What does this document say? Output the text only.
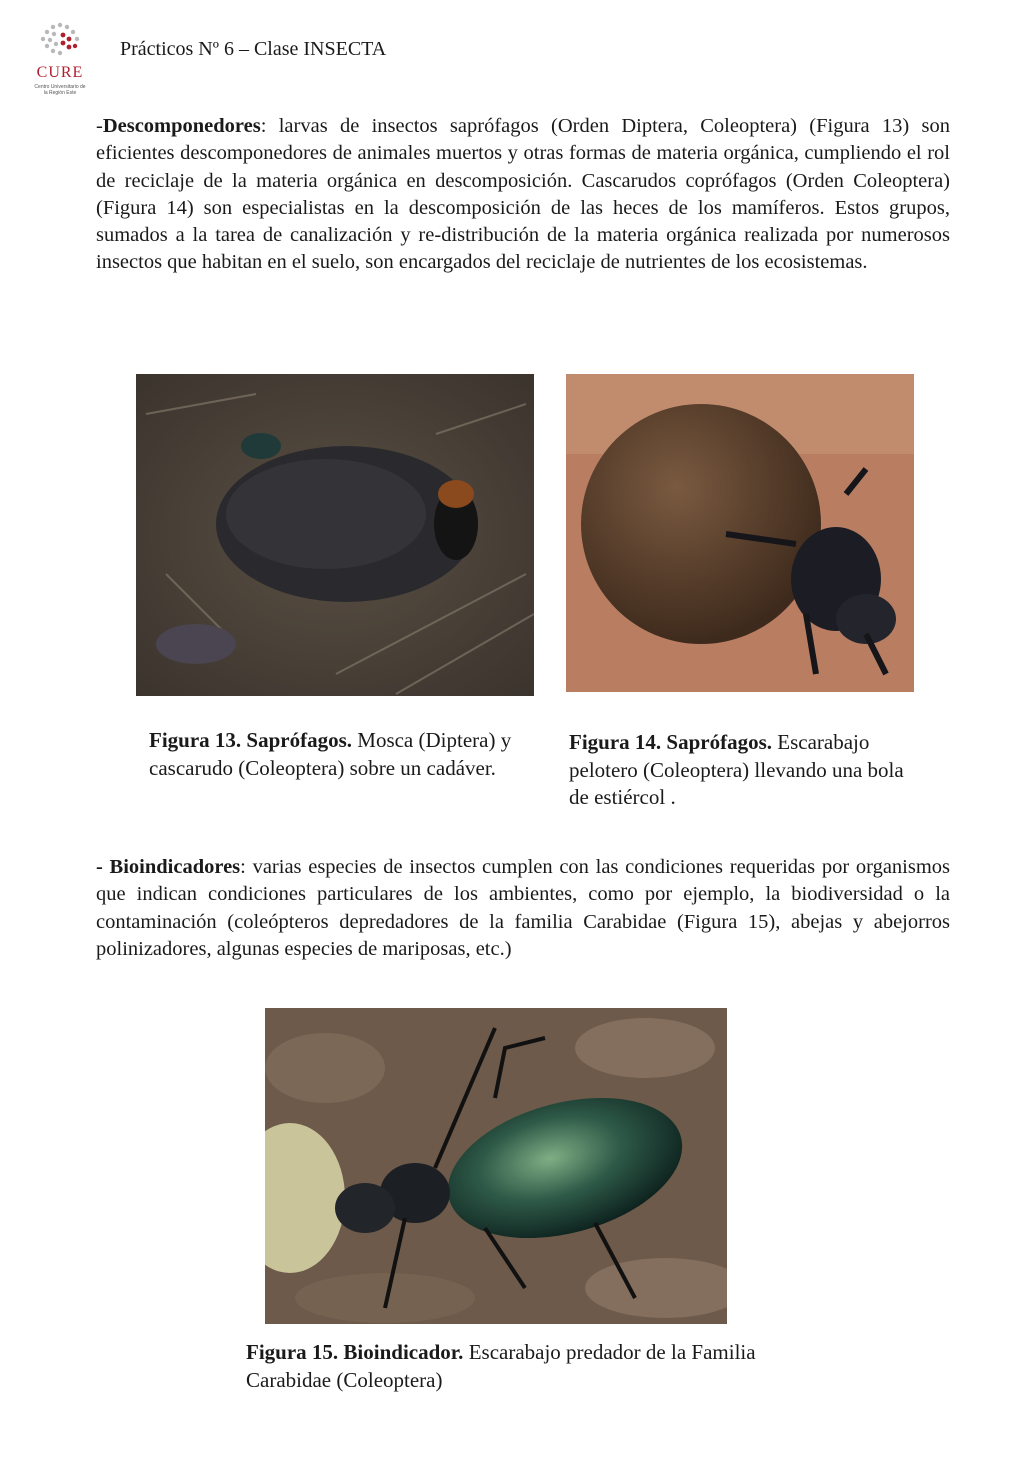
CURE
Centro Universitario de la Región Este
Prácticos Nº 6 – Clase INSECTA
-Descomponedores: larvas de insectos saprófagos (Orden Diptera, Coleoptera) (Figura 13) son eficientes descomponedores de animales muertos y otras formas de materia orgánica, cumpliendo el rol de reciclaje de la materia orgánica en descomposición. Cascarudos coprófagos (Orden Coleoptera) (Figura 14) son especialistas en la descomposición de las heces de los mamíferos. Estos grupos, sumados a la tarea de canalización y re-distribución de la materia orgánica realizada por numerosos insectos que habitan en el suelo, son encargados del reciclaje de nutrientes de los ecosistemas.
Figura 13. Saprófagos. Mosca (Diptera) y cascarudo (Coleoptera) sobre un cadáver.
Figura 14. Saprófagos. Escarabajo pelotero (Coleoptera) llevando una bola de estiércol .
- Bioindicadores: varias especies de insectos cumplen con las condiciones requeridas por organismos que indican condiciones particulares de los ambientes, como por ejemplo, la biodiversidad o la contaminación (coleópteros depredadores de la familia Carabidae (Figura 15), abejas y abejorros polinizadores, algunas especies de mariposas, etc.)
Figura 15. Bioindicador. Escarabajo predador de la Familia Carabidae (Coleoptera)
